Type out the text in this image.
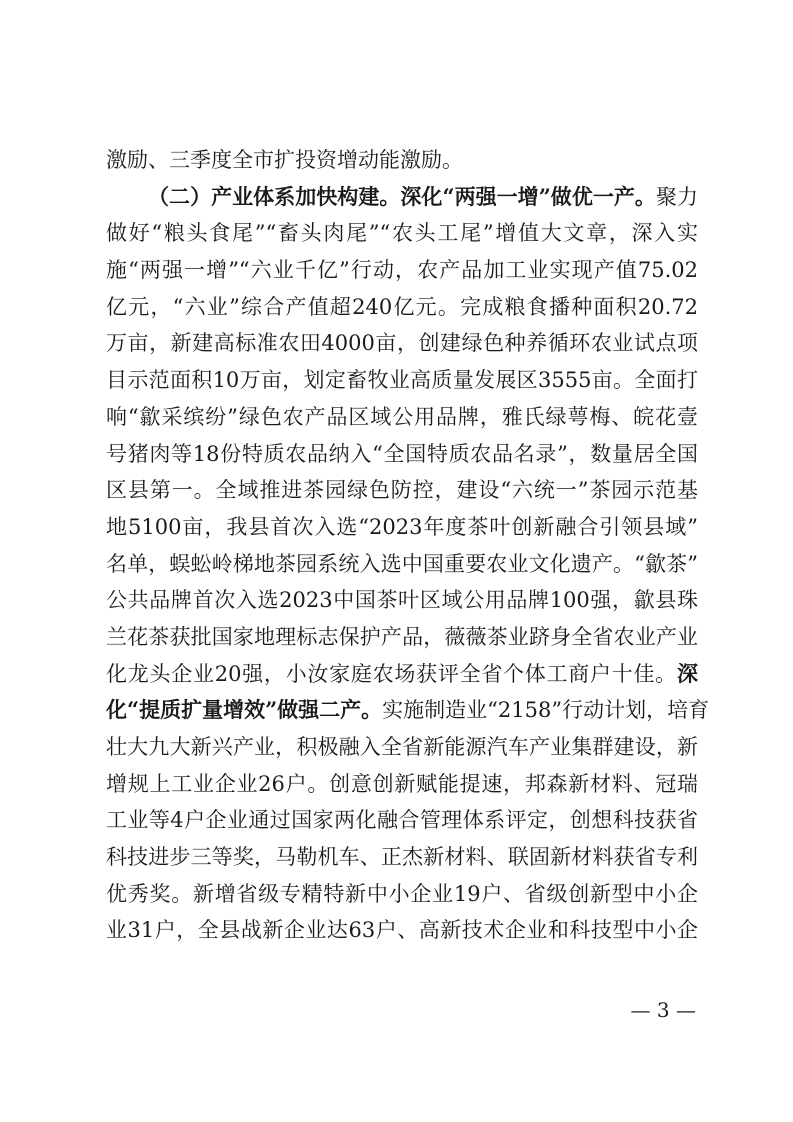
激励、三季度全市扩投资增动能激励。
（二）产业体系加快构建。深化“两强一增”做优一产。聚力
做好“粮头食尾”“畜头肉尾”“农头工尾”增值大文章，深入实
施“两强一增”“六业千亿”行动，农产品加工业实现产值75.02
亿元，“六业”综合产值超240亿元。完成粮食播种面积20.72
万亩，新建高标准农田4000亩，创建绿色种养循环农业试点项
目示范面积10万亩，划定畜牧业高质量发展区3555亩。全面打
响“歙采缤纷”绿色农产品区域公用品牌，雅氏绿萼梅、皖花壹
号猪肉等18份特质农品纳入“全国特质农品名录”，数量居全国
区县第一。全域推进茶园绿色防控，建设“六统一”茶园示范基
地5100亩，我县首次入选“2023年度茶叶创新融合引领县域”
名单，蜈蚣岭梯地茶园系统入选中国重要农业文化遗产。“歙茶”
公共品牌首次入选2023中国茶叶区域公用品牌100强，歙县珠
兰花茶获批国家地理标志保护产品，薇薇茶业跻身全省农业产业
化龙头企业20强，小汝家庭农场获评全省个体工商户十佳。深
化“提质扩量增效”做强二产。实施制造业“2158”行动计划，培育
壮大九大新兴产业，积极融入全省新能源汽车产业集群建设，新
增规上工业企业26户。创意创新赋能提速，邦森新材料、冠瑞
工业等4户企业通过国家两化融合管理体系评定，创想科技获省
科技进步三等奖，马勒机车、正杰新材料、联固新材料获省专利
优秀奖。新增省级专精特新中小企业19户、省级创新型中小企
业31户，全县战新企业达63户、高新技术企业和科技型中小企
— 3 —
